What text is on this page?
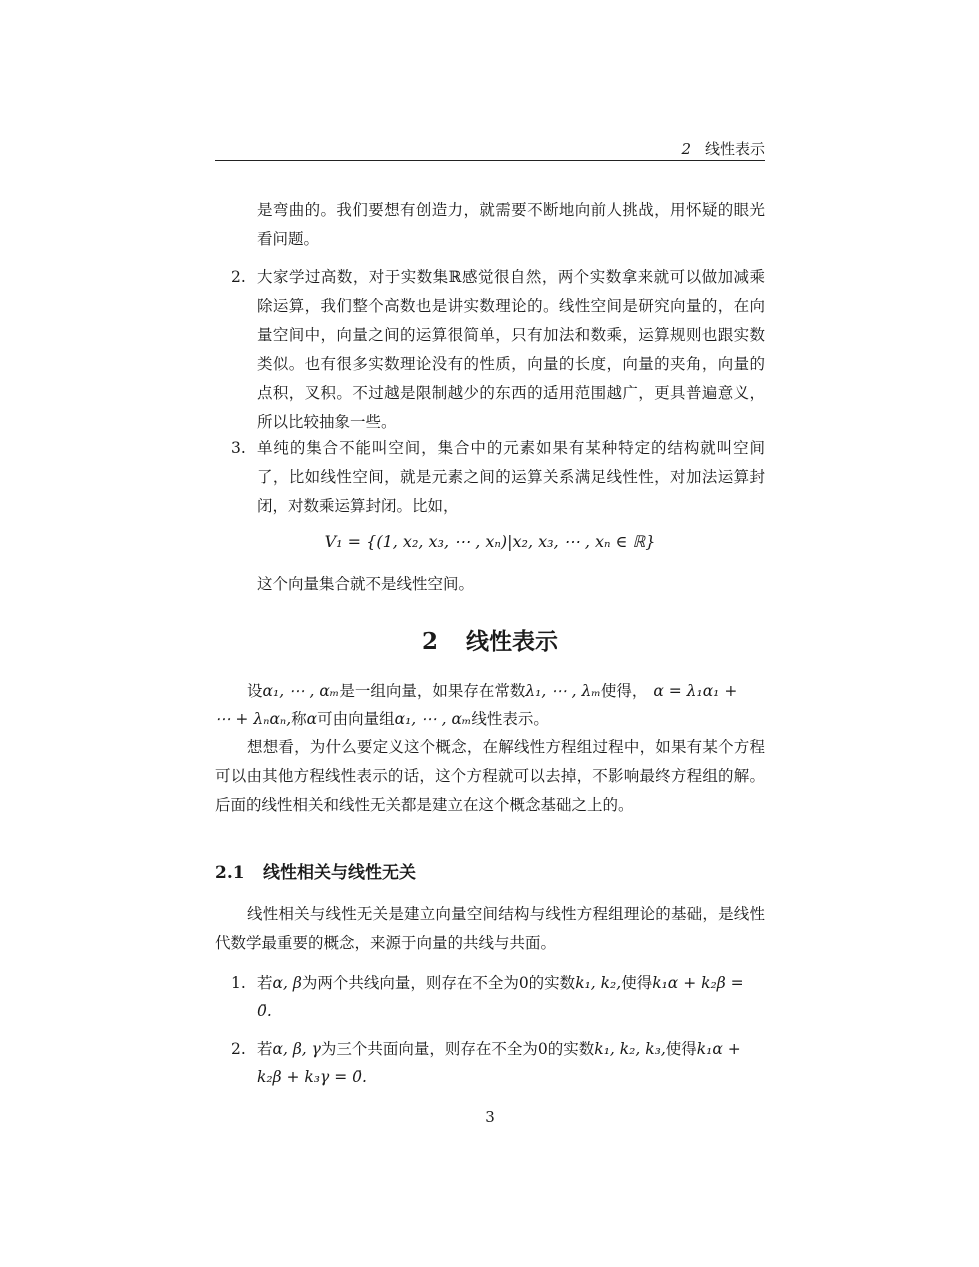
2 线性表示

是弯曲的。我们要想有创造力，就需要不断地向前人挑战，用怀疑的眼光看问题。

2. 大家学过高数，对于实数集ℝ感觉很自然，两个实数拿来就可以做加减乘除运算，我们整个高数也是讲实数理论的。线性空间是研究向量的，在向量空间中，向量之间的运算很简单，只有加法和数乘，运算规则也跟实数类似。也有很多实数理论没有的性质，向量的长度，向量的夹角，向量的点积，叉积。不过越是限制越少的东西的适用范围越广，更具普遍意义，所以比较抽象一些。

3. 单纯的集合不能叫空间，集合中的元素如果有某种特定的结构就叫空间了，比如线性空间，就是元素之间的运算关系满足线性性，对加法运算封闭，对数乘运算封闭。比如，

V₁ = {(1, x₂, x₃, ⋯ , xₙ)|x₂, x₃, ⋯ , xₙ ∈ ℝ}

这个向量集合就不是线性空间。

2 线性表示

设α₁, ⋯ , αₘ是一组向量，如果存在常数λ₁, ⋯ , λₘ使得， α = λ₁α₁ +

⋯ + λₙαₙ,称α可由向量组α₁, ⋯ , αₘ线性表示。

想想看，为什么要定义这个概念，在解线性方程组过程中，如果有某个方程可以由其他方程线性表示的话，这个方程就可以去掉，不影响最终方程组的解。后面的线性相关和线性无关都是建立在这个概念基础之上的。

2.1 线性相关与线性无关

线性相关与线性无关是建立向量空间结构与线性方程组理论的基础，是线性代数学最重要的概念，来源于向量的共线与共面。

1. 若α, β为两个共线向量，则存在不全为0的实数k₁, k₂,使得k₁α + k₂β =

0̄.

2. 若α, β, γ为三个共面向量，则存在不全为0的实数k₁, k₂, k₃,使得k₁α +

k₂β + k₃γ = 0̄.

3
